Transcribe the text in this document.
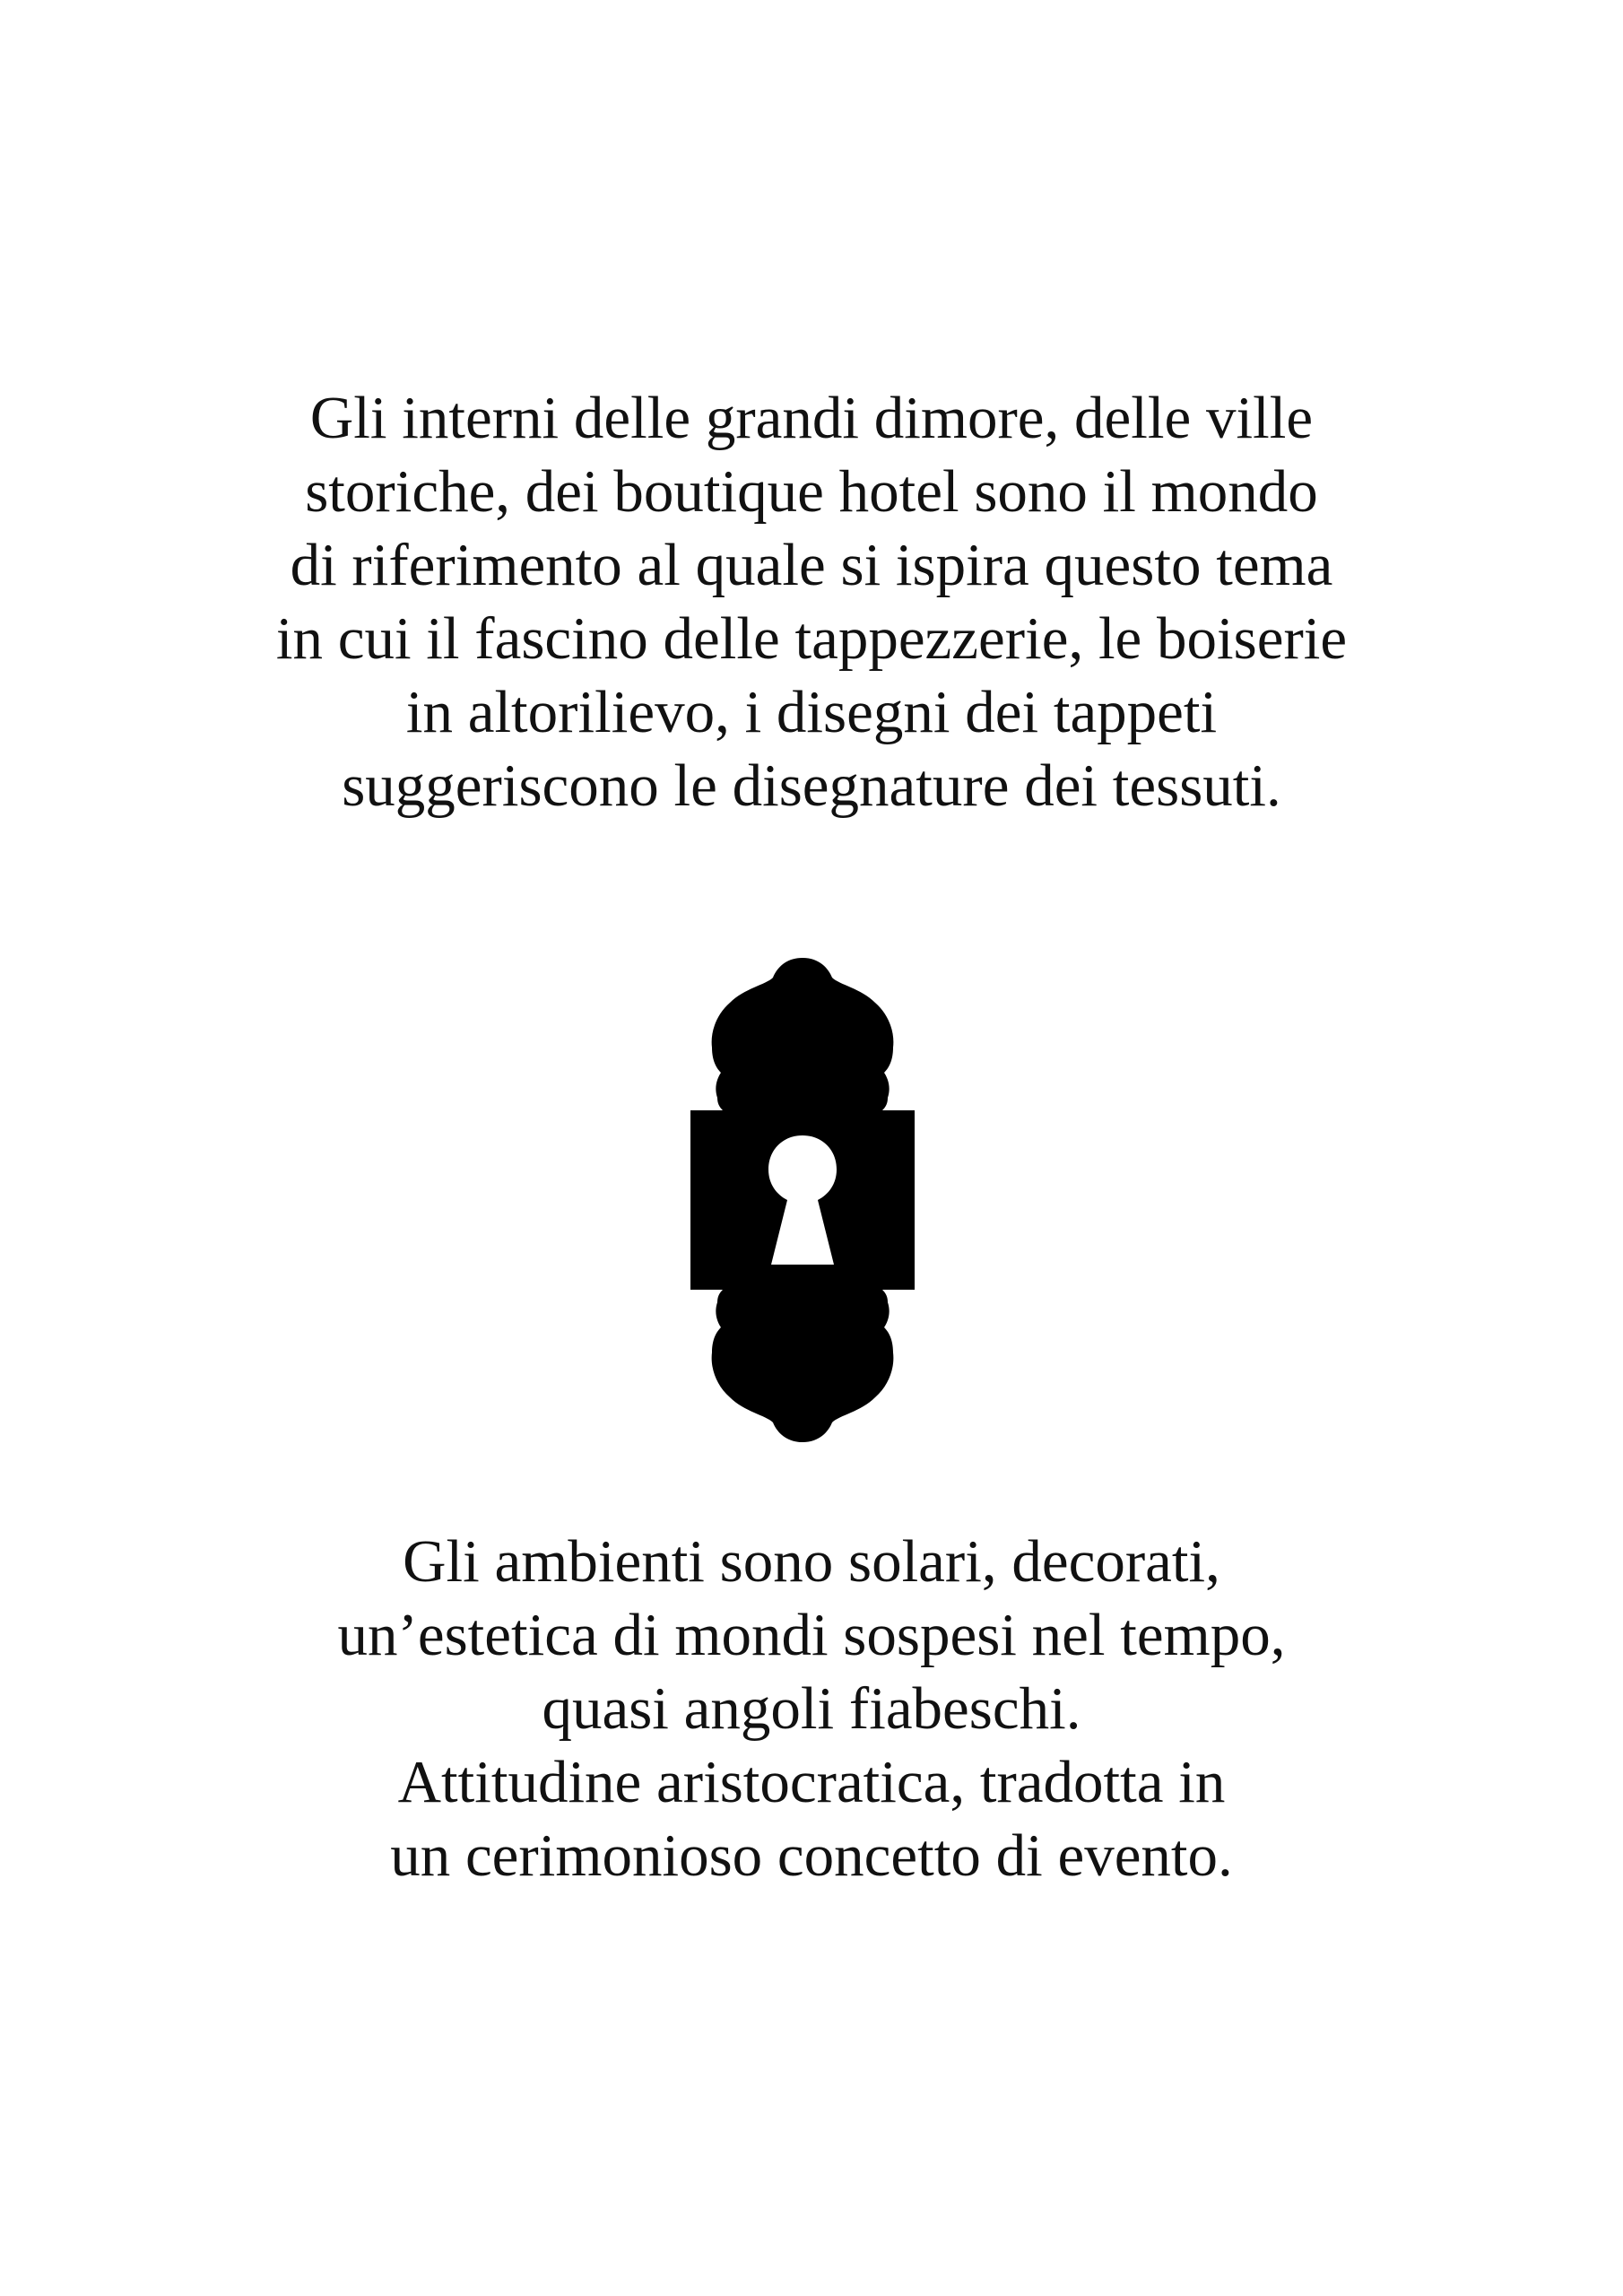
Gli interni delle grandi dimore, delle ville
storiche, dei boutique hotel sono il mondo
di riferimento al quale si ispira questo tema
in cui il fascino delle tappezzerie, le boiserie
in altorilievo, i disegni dei tappeti
suggeriscono le disegnature dei tessuti.

Gli ambienti sono solari, decorati,
un’estetica di mondi sospesi nel tempo,
quasi angoli fiabeschi.
Attitudine aristocratica, tradotta in
un cerimonioso concetto di evento.
